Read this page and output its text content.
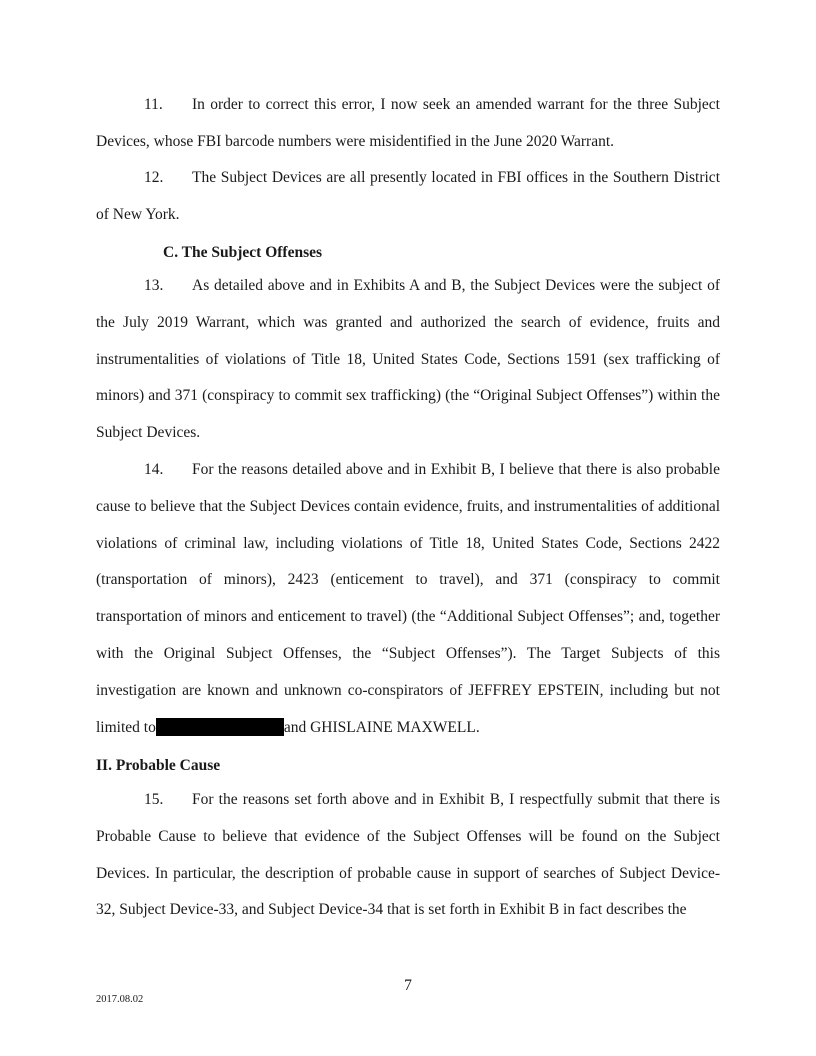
11. In order to correct this error, I now seek an amended warrant for the three Subject Devices, whose FBI barcode numbers were misidentified in the June 2020 Warrant.

12. The Subject Devices are all presently located in FBI offices in the Southern District of New York.

C. The Subject Offenses

13. As detailed above and in Exhibits A and B, the Subject Devices were the subject of the July 2019 Warrant, which was granted and authorized the search of evidence, fruits and instrumentalities of violations of Title 18, United States Code, Sections 1591 (sex trafficking of minors) and 371 (conspiracy to commit sex trafficking) (the “Original Subject Offenses”) within the Subject Devices.

14. For the reasons detailed above and in Exhibit B, I believe that there is also probable cause to believe that the Subject Devices contain evidence, fruits, and instrumentalities of additional violations of criminal law, including violations of Title 18, United States Code, Sections 2422 (transportation of minors), 2423 (enticement to travel), and 371 (conspiracy to commit transportation of minors and enticement to travel) (the “Additional Subject Offenses”; and, together with the Original Subject Offenses, the “Subject Offenses”). The Target Subjects of this investigation are known and unknown co-conspirators of JEFFREY EPSTEIN, including but not limited to	and GHISLAINE MAXWELL.

II. Probable Cause

15. For the reasons set forth above and in Exhibit B, I respectfully submit that there is Probable Cause to believe that evidence of the Subject Offenses will be found on the Subject Devices. In particular, the description of probable cause in support of searches of Subject Device-32, Subject Device-33, and Subject Device-34 that is set forth in Exhibit B in fact describes the

7
2017.08.02
